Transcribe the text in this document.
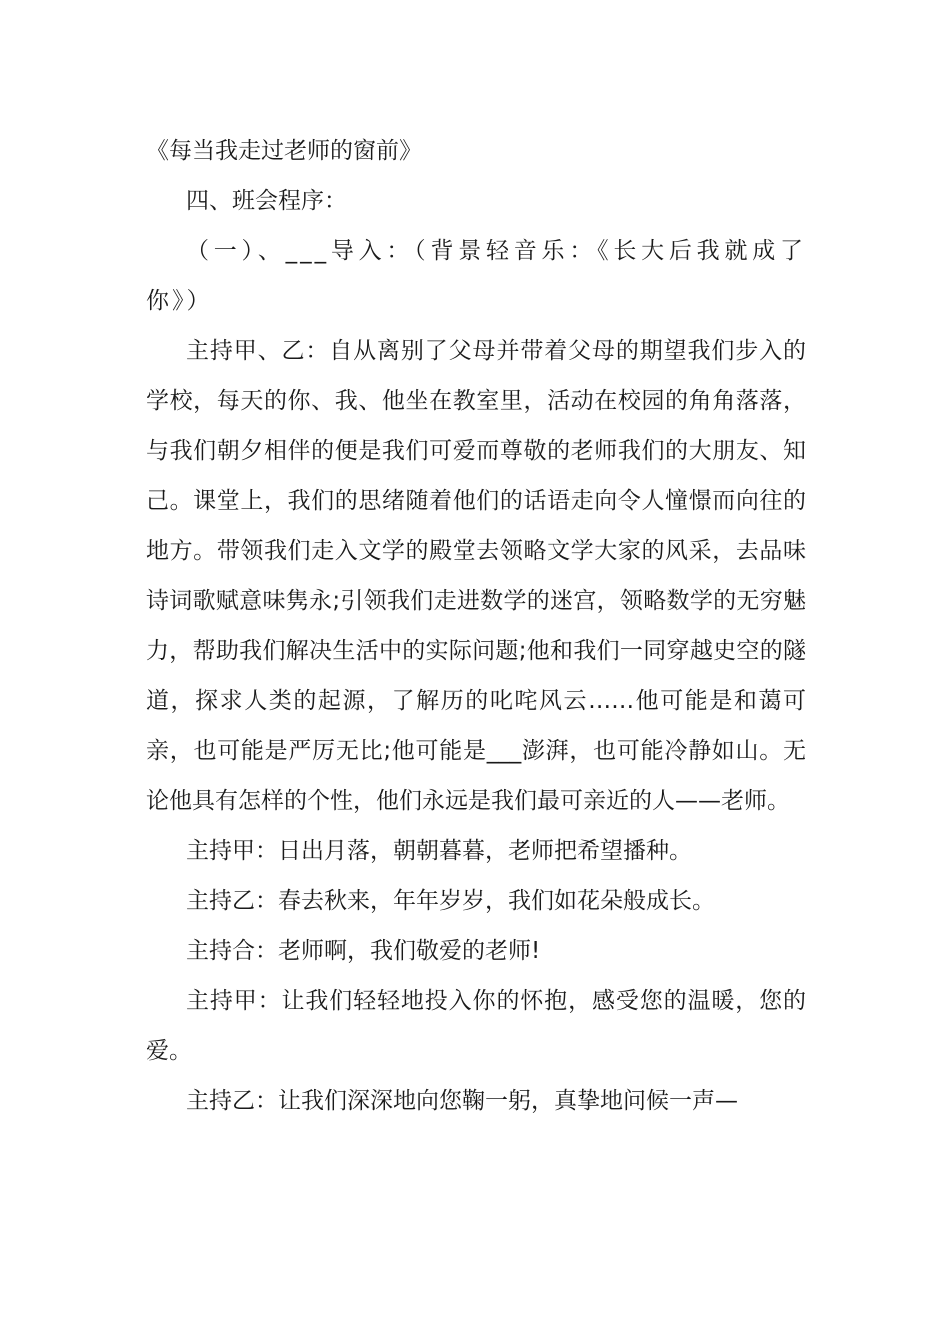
《每当我走过老师的窗前》

四、班会程序：

（一）、___导入：（背景轻音乐：《长大后我就成了你》）

主持甲、乙：自从离别了父母并带着父母的期望我们步入的学校，每天的你、我、他坐在教室里，活动在校园的角角落落，与我们朝夕相伴的便是我们可爱而尊敬的老师我们的大朋友、知己。课堂上，我们的思绪随着他们的话语走向令人憧憬而向往的地方。带领我们走入文学的殿堂去领略文学大家的风采，去品味诗词歌赋意味隽永;引领我们走进数学的迷宫，领略数学的无穷魅力，帮助我们解决生活中的实际问题;他和我们一同穿越史空的隧道，探求人类的起源，了解历的叱咤风云……他可能是和蔼可亲，也可能是严厉无比;他可能是___澎湃，也可能冷静如山。无论他具有怎样的个性，他们永远是我们最可亲近的人——老师。

主持甲：日出月落，朝朝暮暮，老师把希望播种。

主持乙：春去秋来，年年岁岁，我们如花朵般成长。

主持合：老师啊，我们敬爱的老师!

主持甲：让我们轻轻地投入你的怀抱，感受您的温暖，您的爱。

主持乙：让我们深深地向您鞠一躬，真挚地问候一声—
